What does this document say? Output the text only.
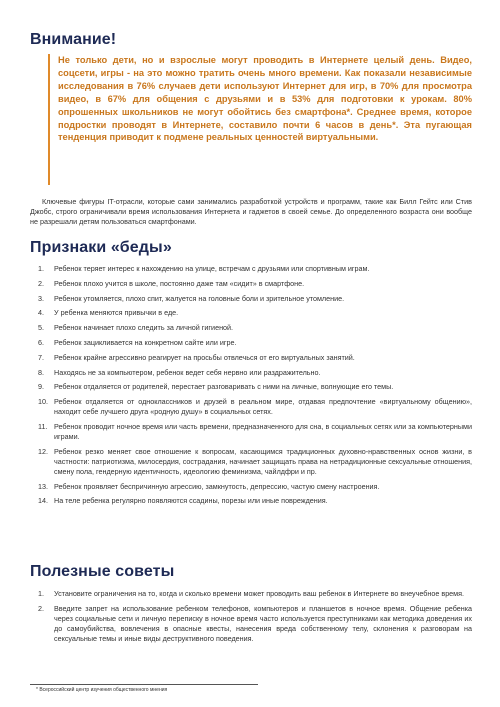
Внимание!

Не только дети, но и взрослые могут проводить в Интернете целый день. Видео, соцсети, игры - на это можно тратить очень много времени. Как показали независимые исследования в 76% случаев дети используют Интернет для игр, в 70% для просмотра видео, в 67% для общения с друзьями и в 53% для подготовки к урокам. 80% опрошенных школьников не могут обойтись без смартфона*. Среднее время, которое подростки проводят в Интернете, составило почти 6 часов в день*. Эта пугающая тенденция приводит к подмене реальных ценностей виртуальными.

Ключевые фигуры IT-отрасли, которые сами занимались разработкой устройств и программ, такие как Билл Гейтс или Стив Джобс, строго ограничивали время использования Интернета и гаджетов в своей семье. До определенного возраста они вообще не разрешали детям пользоваться смартфонами.

Признаки «беды»
1. Ребенок теряет интерес к нахождению на улице, встречам с друзьями или спортивным играм.
2. Ребенок плохо учится в школе, постоянно даже там «сидит» в смартфоне.
3. Ребенок утомляется, плохо спит, жалуется на головные боли и зрительное утомление.
4. У ребенка меняются привычки в еде.
5. Ребенок начинает плохо следить за личной гигиеной.
6. Ребенок зацикливается на конкретном сайте или игре.
7. Ребенок крайне агрессивно реагирует на просьбы отвлечься от его виртуальных занятий.
8. Находясь не за компьютером, ребенок ведет себя нервно или раздражительно.
9. Ребенок отдаляется от родителей, перестает разговаривать с ними на личные, волнующие его темы.
10. Ребенок отдаляется от одноклассников и друзей в реальном мире, отдавая предпочтение «виртуальному общению», находит себе лучшего друга «родную душу» в социальных сетях.
11. Ребенок проводит ночное время или часть времени, предназначенного для сна, в социальных сетях или за компьютерными играми.
12. Ребенок резко меняет свое отношение к вопросам, касающимся традиционных духовно-нравственных основ жизни, в частности: патриотизма, милосердия, сострадания, начинает защищать права на нетрадиционные сексуальные отношения, смену пола, гендерную идентичность, идеологию феминизма, чайлдфри и пр.
13. Ребенок проявляет беспричинную агрессию, замкнутость, депрессию, частую смену настроения.
14. На теле ребенка регулярно появляются ссадины, порезы или иные повреждения.
Полезные советы
1. Установите ограничения на то, когда и сколько времени может проводить ваш ребенок в Интернете во внеучебное время.
2. Введите запрет на использование ребенком телефонов, компьютеров и планшетов в ночное время. Общение ребенка через социальные сети и личную переписку в ночное время часто используется преступниками как методика доведения их до самоубийства, вовлечения в опасные квесты, нанесения вреда собственному телу, склонения к разговорам на сексуальные темы и иные виды деструктивного поведения.

* Всероссийский центр изучения общественного мнения
